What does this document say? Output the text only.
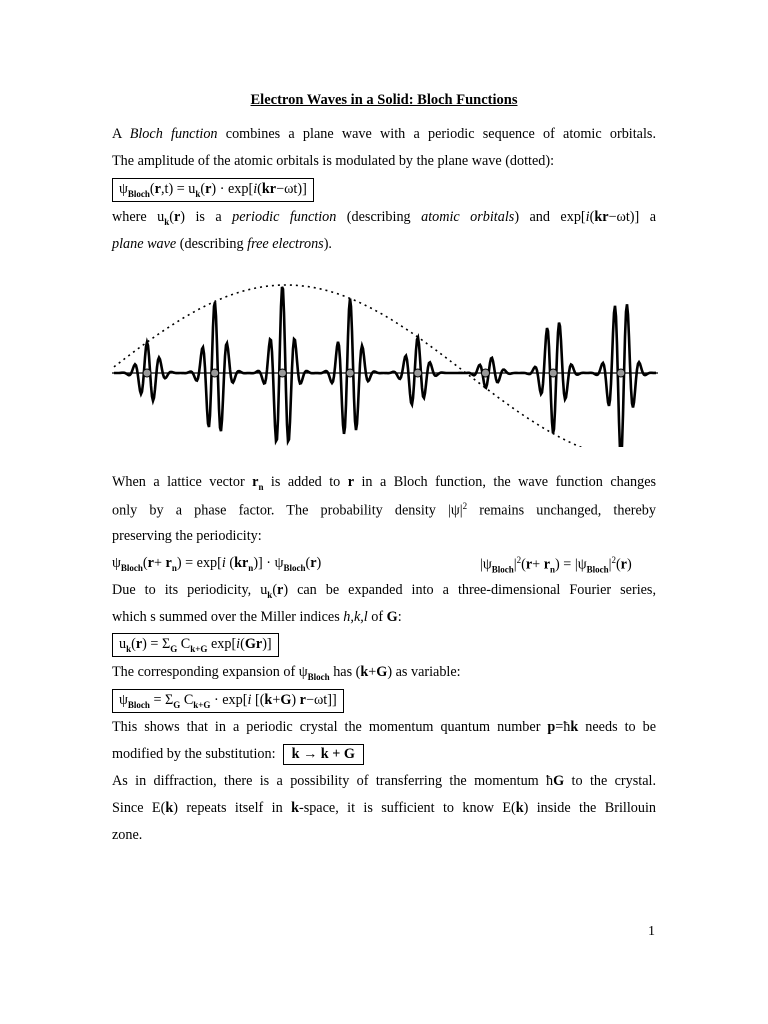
Electron Waves in a Solid: Bloch Functions
A Bloch function combines a plane wave with a periodic sequence of atomic orbitals.
The amplitude of the atomic orbitals is modulated by the plane wave (dotted):
$\psi_{Bloch}(r,t) = u_k(r) \cdot \exp[i(kr-\omega t)]$
where $u_k(r)$ is a periodic function (describing atomic orbitals) and exp[i(kr−ωt)] a
plane wave (describing free electrons).
When a lattice vector $r_n$ is added to r in a Bloch function, the wave function changes
only by a phase factor. The probability density $|\psi|^2$ remains unchanged, thereby
preserving the periodicity:
$\psi_{Bloch}(r+ r_n) = \exp[i$ $(kr_n)] \cdot \psi_{Bloch}(r)$	$|\psi_{Bloch}|^2(r+ r_n) = |\psi_{Bloch}|^2(r)$
Due to its periodicity, $u_k(r)$ can be expanded into a three-dimensional Fourier series,
which s summed over the Miller indices h,k,l of G:
$u_k(r) = \Sigma_G$ $C_{k+G}$ exp[i(Gr)]
The corresponding expansion of $\psi_{Bloch}$ has (k+G) as variable:
$\psi_{Bloch} = \Sigma_G$ $C_{k+G} \cdot \exp[i$ [(k+G) r−ωt]]
This shows that in a periodic crystal the momentum quantum number p=ħk needs to be
modified by the substitution: k → k + G
As in diffraction, there is a possibility of transferring the momentum ħG to the crystal.
Since E(k) repeats itself in k-space, it is sufficient to know E(k) inside the Brillouin
zone.
1
